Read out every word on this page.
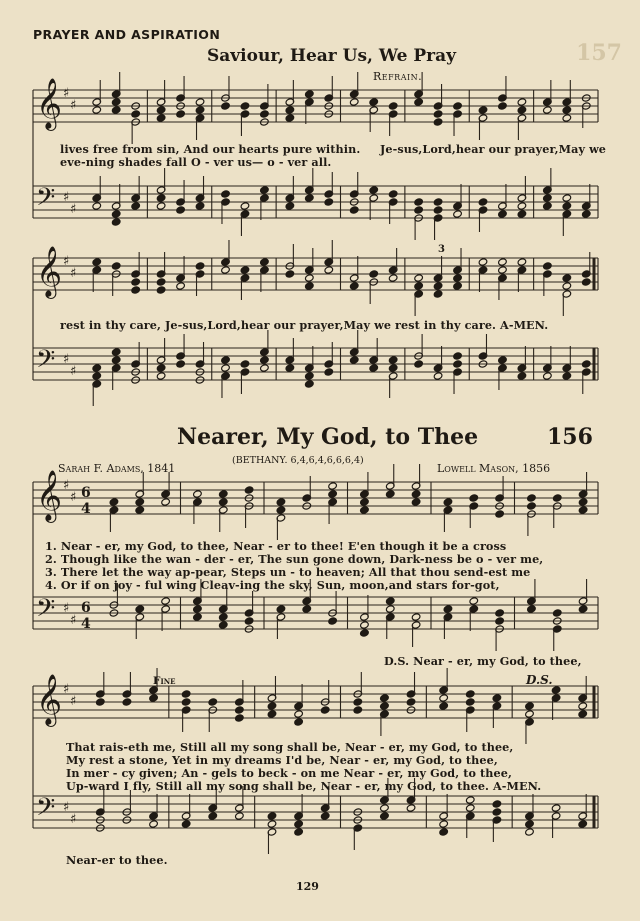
𝄞
𝄢
♯
♯
♯
♯
𝄞
𝄢
♯
♯
♯
♯
𝄞
𝄢
♯
♯
♯
♯
6
4
6
4
𝄞
𝄢
♯
♯
♯
♯
3
PRAYER AND ASPIRATION
157
Saviour, Hear Us, We Pray
Refrain.
lives free from sin, And our hearts pure within.
eve-ning shades fall O - ver us— o - ver all.
Je-sus,Lord,hear our prayer,May we
rest in thy care, Je-sus,Lord,hear our prayer,May we rest in thy care. A-MEN.
Nearer, My God, to Thee	156
(BETHANY. 6,4,6,4,6,6,6,4)
Sarah F. Adams, 1841	Lowell Mason, 1856
1. Near - er, my God, to thee, Near - er to thee! E'en though it be a cross
2. Though like the wan - der - er, The sun gone down, Dark-ness be o - ver me,
3. There let the way ap-pear, Steps un - to heaven; All that thou send-est me
4. Or if on joy - ful wing Cleav-ing the sky, Sun, moon,and stars for-got,
D.S. Near - er, my God, to thee,
Fine	D.S.
That rais-eth me, Still all my song shall be, Near - er, my God, to thee,
My rest a stone, Yet in my dreams I'd be, Near - er, my God, to thee,
In mer - cy given; An - gels to beck - on me Near - er, my God, to thee,
Up-ward I fly, Still all my song shall be, Near - er, my God, to thee. A-MEN.
Near-er to thee.
129
